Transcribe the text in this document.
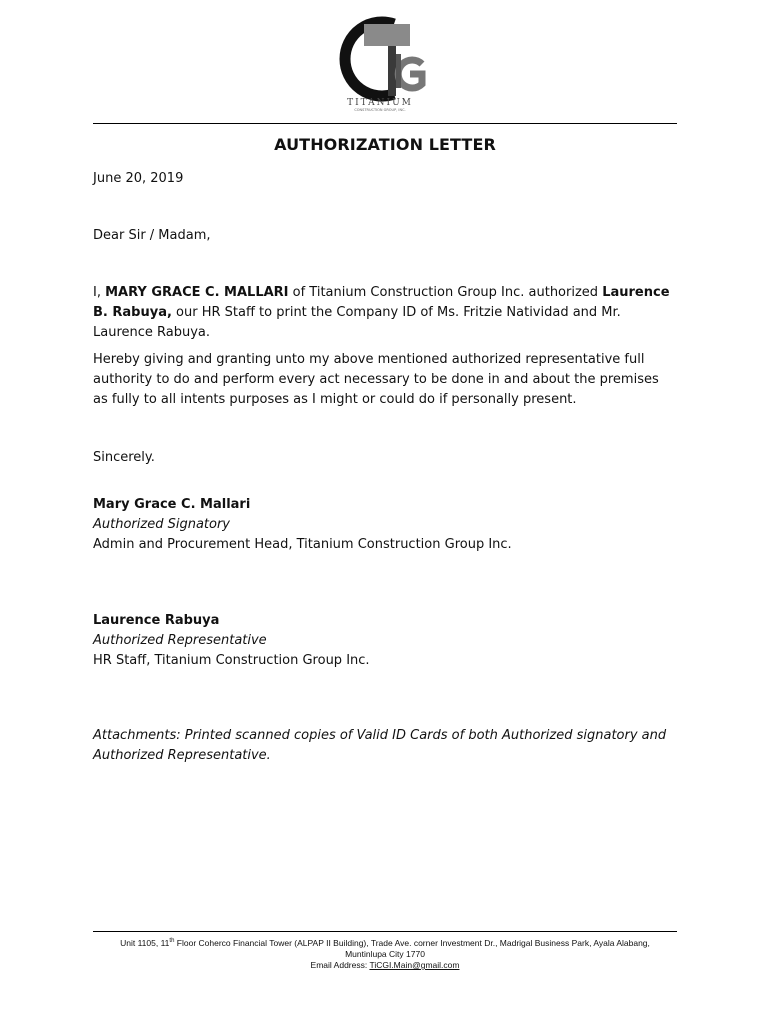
TITANIUM
CONSTRUCTION GROUP, INC.
AUTHORIZATION LETTER
June 20, 2019
Dear Sir / Madam,
I, MARY GRACE C. MALLARI of Titanium Construction Group Inc. authorized Laurence B. Rabuya, our HR Staff to print the Company ID of Ms. Fritzie Natividad and Mr. Laurence Rabuya.
Hereby giving and granting unto my above mentioned authorized representative full authority to do and perform every act necessary to be done in and about the premises as fully to all intents purposes as I might or could do if personally present.
Sincerely.
Mary Grace C. Mallari
Authorized Signatory
Admin and Procurement Head, Titanium Construction Group Inc.
Laurence Rabuya
Authorized Representative
HR Staff, Titanium Construction Group Inc.
Attachments: Printed scanned copies of Valid ID Cards of both Authorized signatory and Authorized Representative.
Unit 1105, 11th Floor Coherco Financial Tower (ALPAP II Building), Trade Ave. corner Investment Dr., Madrigal Business Park, Ayala Alabang,
Muntinlupa City 1770
Email Address: TiCGI.Main@gmail.com
